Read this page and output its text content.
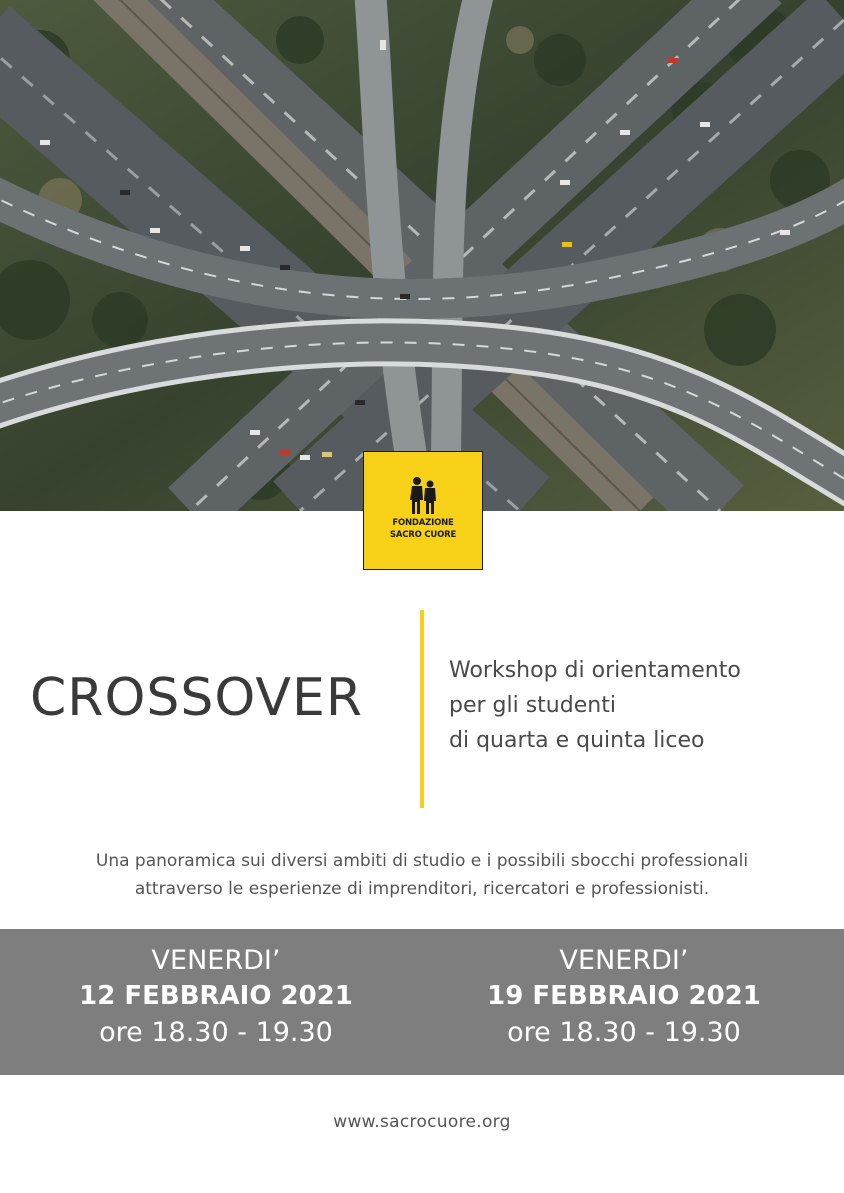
FONDAZIONE
SACRO CUORE
CROSSOVER	Workshop di orientamento
per gli studenti
di quarta e quinta liceo
Una panoramica sui diversi ambiti di studio e i possibili sbocchi professionali
attraverso le esperienze di imprenditori, ricercatori e professionisti.
VENERDI’
12 FEBBRAIO 2021
ore 18.30 - 19.30
VENERDI’
19 FEBBRAIO 2021
ore 18.30 - 19.30
www.sacrocuore.org
